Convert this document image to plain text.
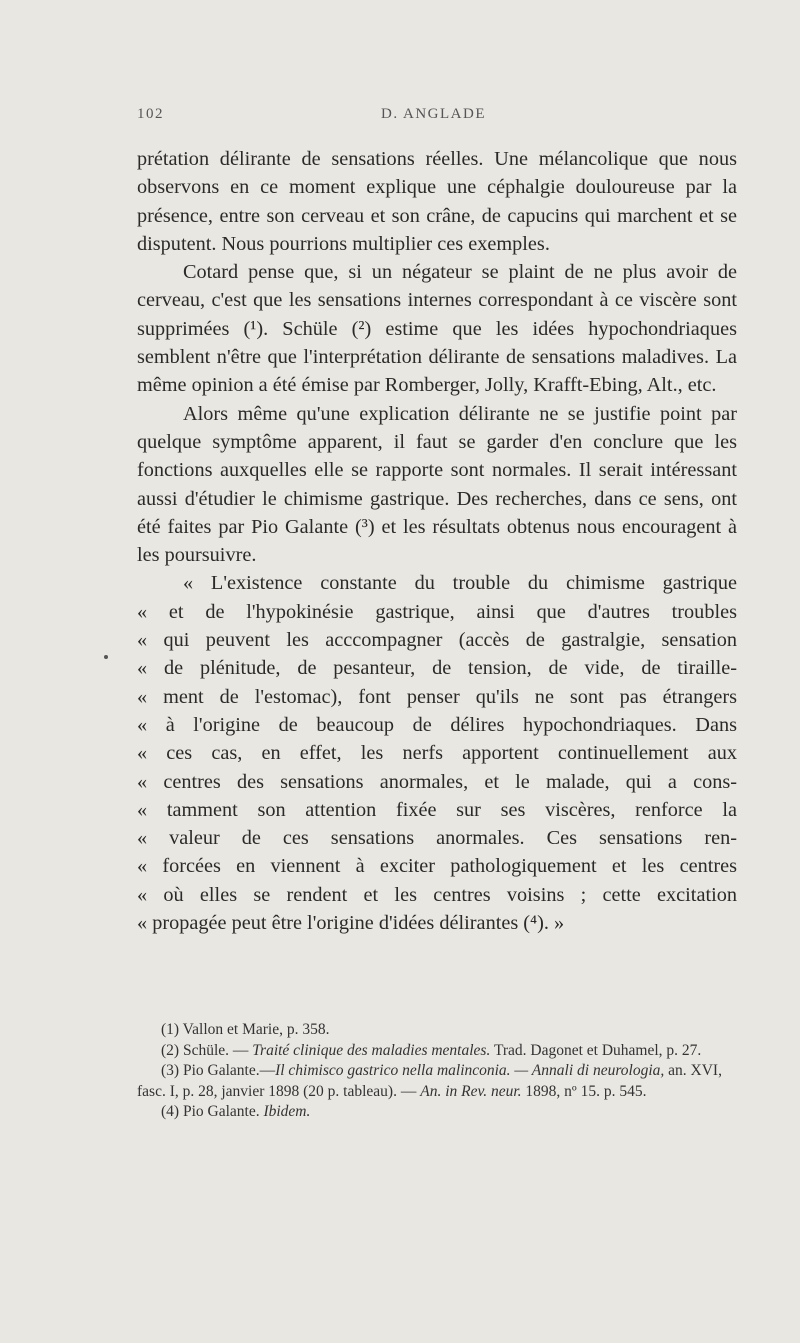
102	D. ANGLADE

prétation délirante de sensations réelles. Une mélancolique que nous observons en ce moment explique une céphalgie douloureuse par la présence, entre son cerveau et son crâne, de capucins qui marchent et se disputent. Nous pourrions multiplier ces exemples.

Cotard pense que, si un négateur se plaint de ne plus avoir de cerveau, c'est que les sensations internes correspondant à ce viscère sont supprimées (¹). Schüle (²) estime que les idées hypochondriaques semblent n'être que l'interprétation délirante de sensations maladives. La même opinion a été émise par Romberger, Jolly, Krafft-Ebing, Alt., etc.

Alors même qu'une explication délirante ne se justifie point par quelque symptôme apparent, il faut se garder d'en conclure que les fonctions auxquelles elle se rapporte sont normales. Il serait intéressant aussi d'étudier le chimisme gastrique. Des recherches, dans ce sens, ont été faites par Pio Galante (³) et les résultats obtenus nous encouragent à les poursuivre.

« L'existence constante du trouble du chimisme gastrique
« et de l'hypokinésie gastrique, ainsi que d'autres troubles
« qui peuvent les acccompagner (accès de gastralgie, sensation
« de plénitude, de pesanteur, de tension, de vide, de tiraille-
« ment de l'estomac), font penser qu'ils ne sont pas étrangers
« à l'origine de beaucoup de délires hypochondriaques. Dans
« ces cas, en effet, les nerfs apportent continuellement aux
« centres des sensations anormales, et le malade, qui a cons-
« tamment son attention fixée sur ses viscères, renforce la
« valeur de ces sensations anormales. Ces sensations ren-
« forcées en viennent à exciter pathologiquement et les centres
« où elles se rendent et les centres voisins ; cette excitation
« propagée peut être l'origine d'idées délirantes (⁴). »

(1) Vallon et Marie, p. 358.

(2) Schüle. — Traité clinique des maladies mentales. Trad. Dagonet et Duhamel, p. 27.

(3) Pio Galante.—Il chimisco gastrico nella malinconia. — Annali di neurologia, an. XVI, fasc. I, p. 28, janvier 1898 (20 p. tableau). — An. in Rev. neur. 1898, nº 15. p. 545.

(4) Pio Galante. Ibidem.
